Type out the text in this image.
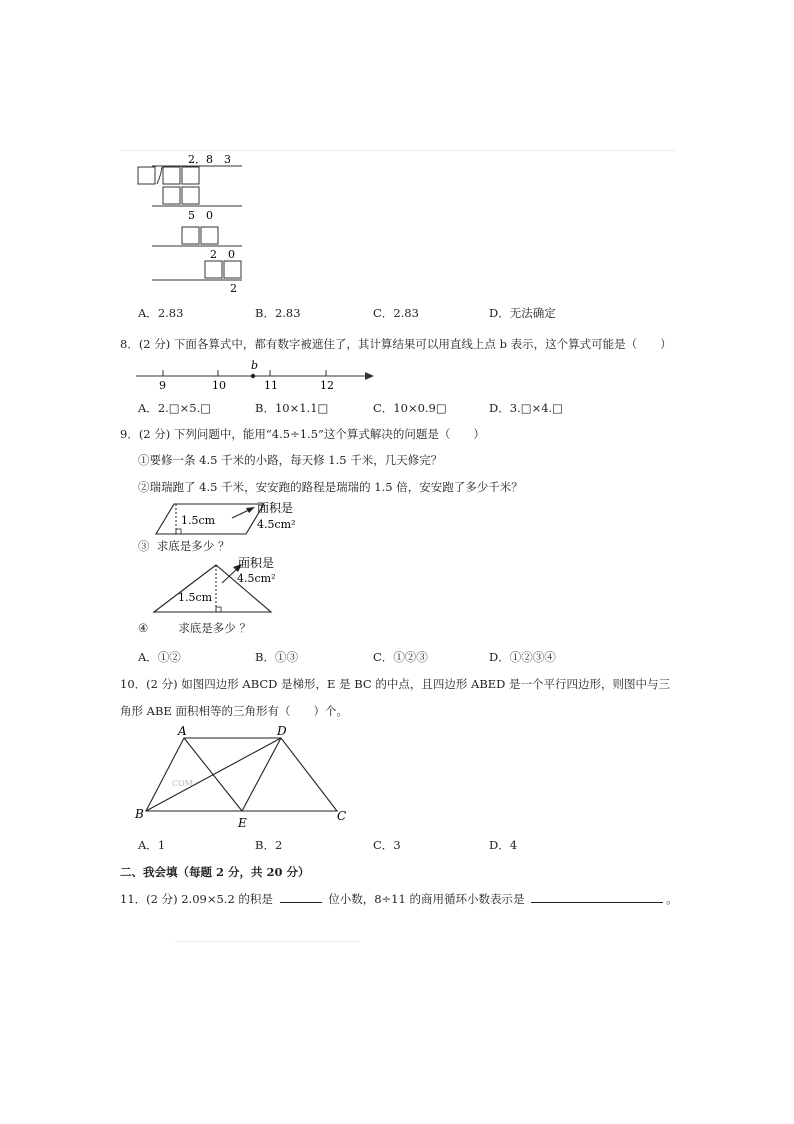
2．8　3
5　0
2　0
2
A．2.83	B．2.83	C．2.83	D．无法确定
8．(2 分) 下面各算式中，都有数字被遮住了，其计算结果可以用直线上点 b 表示，这个算式可能是（　　）
b
9	10	11	12
A．2.□×5.□	B．10×1.1□	C．10×0.9□	D．3.□×4.□
9．(2 分) 下列问题中，能用“4.5÷1.5”这个算式解决的问题是（　　）
①要修一条 4.5 千米的小路，每天修 1.5 千米，几天修完？
②瑞瑞跑了 4.5 千米，安安跑的路程是瑞瑞的 1.5 倍，安安跑了多少千米？
1.5cm
面积是
4.5cm²
③ 求底是多少 ？
1.5cm
面积是
4.5cm²
④	求底是多少 ？
A．①②	B．①③	C．①②③	D．①②③④
10．(2 分) 如图四边形 ABCD 是梯形，E 是 BC 的中点，且四边形 ABED 是一个平行四边形，则图中与三
角形 ABE 面积相等的三角形有（　　）个。
A	D
B	C
E
COM
A．1	B．2	C．3	D．4
二、我会填（每题 2 分，共 20 分）
11．(2 分) 2.09×5.2 的积是	位小数，8÷11 的商用循环小数表示是	。
